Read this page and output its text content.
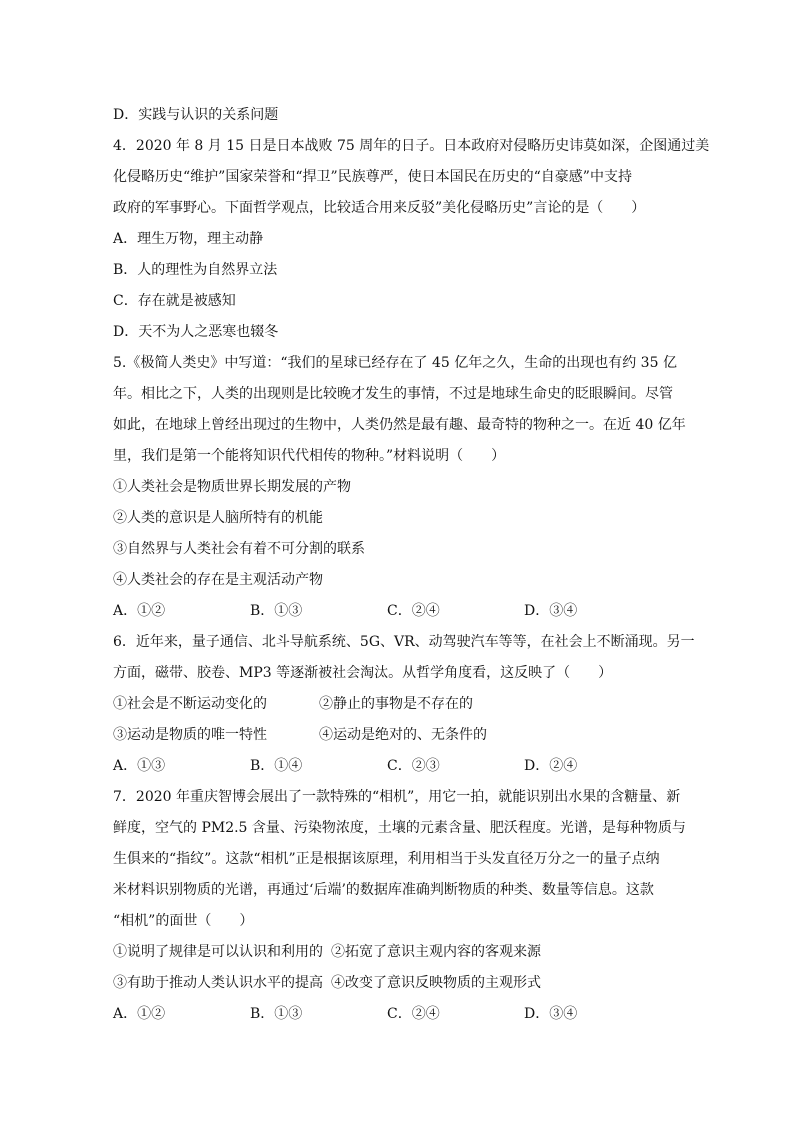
D．实践与认识的关系问题
4．2020 年 8 月 15 日是日本战败 75 周年的日子。日本政府对侵略历史讳莫如深，企图通过美
化侵略历史“维护”国家荣誉和“捍卫”民族尊严，使日本国民在历史的“自豪感”中支持
政府的军事野心。下面哲学观点，比较适合用来反驳”美化侵略历史”言论的是（　　）
A．理生万物，理主动静
B．人的理性为自然界立法
C．存在就是被感知
D．天不为人之恶寒也辍冬
5.《极简人类史》中写道：“我们的星球已经存在了 45 亿年之久，生命的出现也有约 35 亿
年。相比之下，人类的出现则是比较晚才发生的事情，不过是地球生命史的眨眼瞬间。尽管
如此，在地球上曾经出现过的生物中，人类仍然是最有趣、最奇特的物种之一。在近 40 亿年
里，我们是第一个能将知识代代相传的物种。”材料说明（　　）
①人类社会是物质世界长期发展的产物
②人类的意识是人脑所特有的机能
③自然界与人类社会有着不可分割的联系
④人类社会的存在是主观活动产物
A．①②	B．①③	C．②④	D．③④
6．近年来，量子通信、北斗导航系统、5G、VR、动驾驶汽车等等，在社会上不断涌现。另一
方面，磁带、胶卷、MP3 等逐渐被社会淘汰。从哲学角度看，这反映了（　　）
①社会是不断运动变化的	②静止的事物是不存在的
③运动是物质的唯一特性	④运动是绝对的、无条件的
A．①③	B．①④	C．②③	D．②④
7．2020 年重庆智博会展出了一款特殊的“相机”，用它一拍，就能识别出水果的含糖量、新
鲜度，空气的 PM2.5 含量、污染物浓度，土壤的元素含量、肥沃程度。光谱，是每种物质与
生俱来的“指纹”。这款“相机”正是根据该原理，利用相当于头发直径万分之一的量子点纳
米材料识别物质的光谱，再通过‘后端’的数据库准确判断物质的种类、数量等信息。这款
“相机”的面世（　　）
①说明了规律是可以认识和利用的 ②拓宽了意识主观内容的客观来源
③有助于推动人类认识水平的提高 ④改变了意识反映物质的主观形式
A．①②	B．①③	C．②④	D．③④
